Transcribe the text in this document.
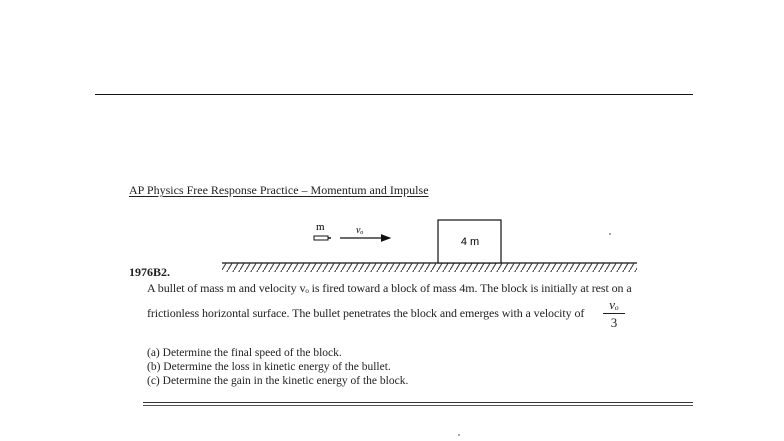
AP Physics Free Response Practice – Momentum and Impulse
4 m
m	vₒ
1976B2.
A bullet of mass m and velocity vₒ is fired toward a block of mass 4m. The block is initially at rest on a
frictionless horizontal surface. The bullet penetrates the block and emerges with a velocity of
vₒ
3
(a) Determine the final speed of the block.
(b) Determine the loss in kinetic energy of the bullet.
(c) Determine the gain in the kinetic energy of the block.
